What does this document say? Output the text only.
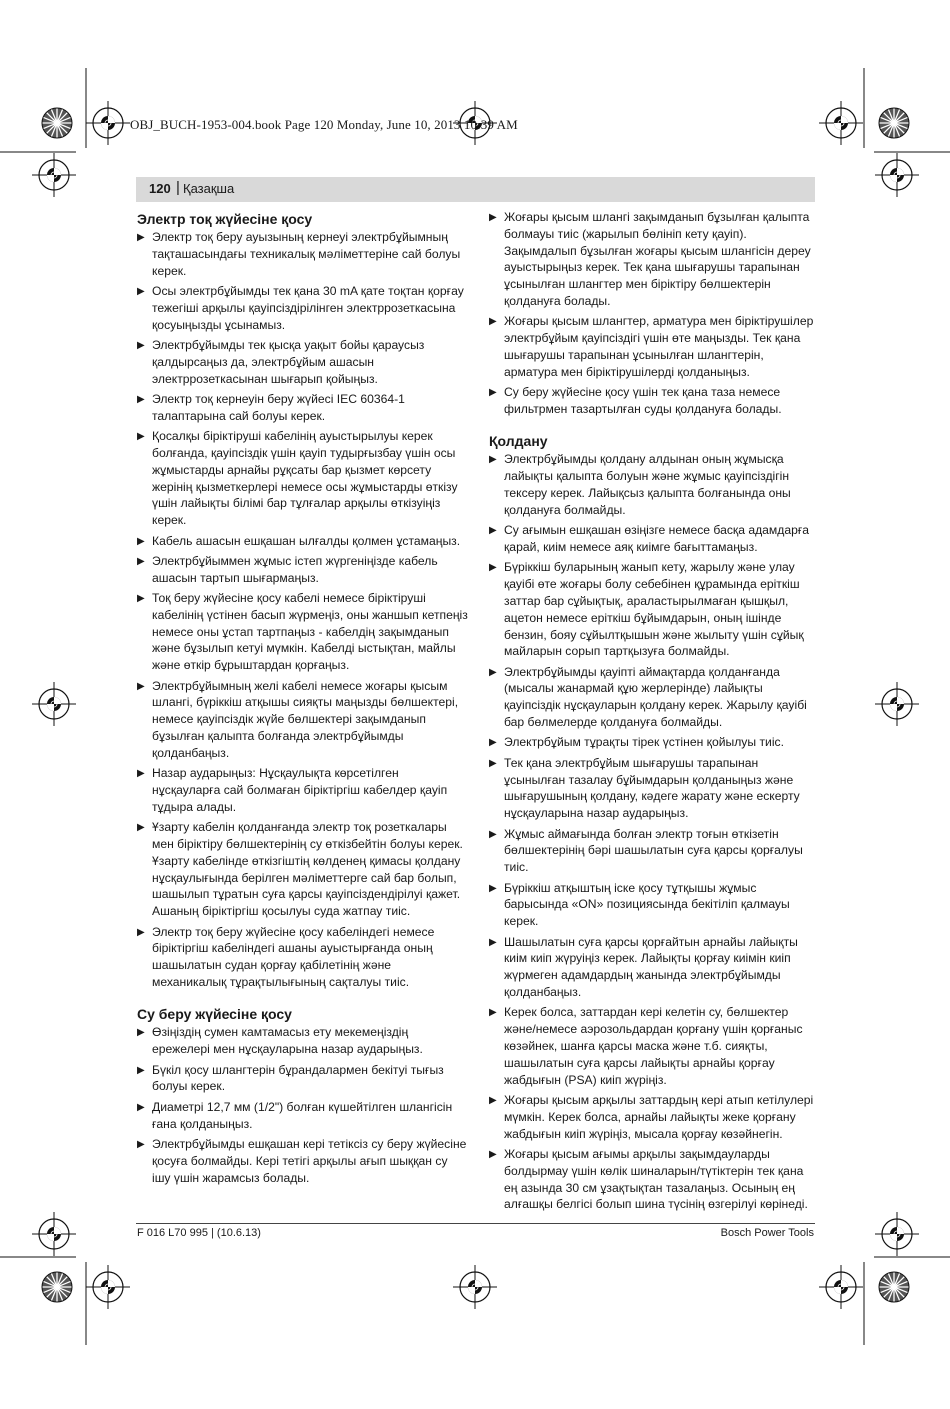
OBJ_BUCH-1953-004.book Page 120 Monday, June 10, 2013 10:39 AM
120 | Қазақша
Электр тоқ жүйесіне қосу
▶ Электр тоқ беру ауызының кернеуі электрбұйымның тақташасындағы техникалық мәліметтеріне сай болуы керек.
▶ Осы электрбұйымды тек қана 30 mA қате тоқтан қорғау тежегіші арқылы қауіпсіздірілінген электррозеткасына қосуыңызды ұсынамыз.
▶ Электрбұйымды тек қысқа уақыт бойы қараусыз қалдырсаңыз да, электрбұйым ашасын электррозеткасынан шығарып қойыңыз.
▶ Электр тоқ кернеуін беру жүйесі IEC 60364-1 талаптарына сай болуы керек.
▶ Қосалқы біріктіруші кабелінің ауыстырылуы керек болғанда, қауіпсіздік үшін қауіп тудырғызбау үшін осы жұмыстарды арнайы рұқсаты бар қызмет көрсету жерінің қызметкерлері немесе осы жұмыстарды өткізу үшін лайықты білімі бар тұлғалар арқылы өткізуіңіз керек.
▶ Кабель ашасын ешқашан ылғалды қолмен ұстамаңыз.
▶ Электрбұйыммен жұмыс істеп жүргеніңізде кабель ашасын тартып шығармаңыз.
▶ Тоқ беру жүйесіне қосу кабелі немесе біріктіруші кабелінің үстінен басып жүрмеңіз, оны жаншып кетпеңіз немесе оны ұстап тартпаңыз - кабелдің зақымданып және бұзылып кетуі мүмкін. Кабелді ыстықтан, майлы және өткір бұрыштардан қорғаңыз.
▶ Электрбұйымның желі кабелі немесе жоғары қысым шлангі, бүріккіш атқышы сияқты маңызды бөлшектері, немесе қауіпсіздік жүйе бөлшектері зақымданып бұзылған қалыпта болғанда электрбұйымды қолданбаңыз.
▶ Назар аударыңыз: Нұсқаулықта көрсетілген нұсқауларға сай болмаған біріктіргіш кабелдер қауіп тұдыра алады.
▶ Ұзарту кабелін қолданғанда электр тоқ розеткалары мен біріктіру бөлшектерінің су өткізбейтін болуы керек. Ұзарту кабелінде өткізгіштің көлденең қимасы қолдану нұсқаулығында берілген мәліметтерге сай бар болып, шашылып тұратын суға қарсы қауіпсіздендірілуі қажет. Ашаның біріктіргіш қосылуы суда жатпау тиіс.
▶ Электр тоқ беру жүйесіне қосу кабеліндегі немесе біріктіргіш кабеліндегі ашаны ауыстырғанда оның шашылатын судан қорғау қабілетінің және механикалық тұрақтылығының сақталуы тиіс.
Су беру жүйесіне қосу
▶ Өзіңіздің сумен камтамасыз ету мекемеңіздің ережелері мен нұсқауларына назар аударыңыз.
▶ Бүкіл қосу шлангтерін бұрандалармен бекітуі тығыз болуы керек.
▶ Диаметрі 12,7 мм (1/2") болған күшейтілген шлангісін ғана қолданыңыз.
▶ Электрбұйымды ешқашан кері тетіксіз су беру жүйесіне қосуға болмайды. Кері тетігі арқылы ағып шыққан су ішу үшін жарамсыз болады.
▶ Жоғары қысым шлангі зақымданып бұзылған қалыпта болмауы тиіс (жарылып бөлініп кету қауіп). Зақымдалып бұзылған жоғары қысым шлангісін дереу ауыстырыңыз керек. Тек қана шығарушы тарапынан ұсынылған шлангтер мен біріктіру бөлшектерін қолдануға болады.
▶ Жоғары қысым шлангтер, арматура мен біріктірушілер электрбұйым қауіпсіздігі үшін өте маңызды. Тек қана шығарушы тарапынан ұсынылған шлангтерін, арматура мен біріктірушілерді қолданыңыз.
▶ Су беру жүйесіне қосу үшін тек қана таза немесе фильтрмен тазартылған суды қолдануға болады.
Қолдану
▶ Электрбұйымды қолдану алдынан оның жұмысқа лайықты қалыпта болуын және жұмыс қауіпсіздігін тексеру керек. Лайықсыз қалыпта болғанында оны қолдануға болмайды.
▶ Су ағымын ешқашан өзіңізге немесе басқа адамдарға қарай, киім немесе аяқ киімге бағыттамаңыз.
▶ Бүріккіш буларының жанып кету, жарылу және улау қауібі өте жоғары болу себебінен құрамында еріткіш заттар бар сұйықтық, араластырылмаған қышқыл, ацетон немесе еріткіш бұйымдарын, оның ішінде бензин, бояу сұйылтқышын және жылыту үшін сұйық майларын сорып тартқызуға болмайды.
▶ Электрбұйымды қауіпті аймақтарда қолданғанда (мысалы жанармай құю жерлерінде) лайықты қауіпсіздік нұсқауларын қолдану керек. Жарылу қауібі бар бөлмелерде қолдануға болмайды.
▶ Электрбұйым тұрақты тірек үстінен қойылуы тиіс.
▶ Тек қана электрбұйым шығарушы тарапынан ұсынылған тазалау бұйымдарын қолданыңыз және шығарушының қолдану, кәдеге жарату және ескерту нұсқауларына назар аударыңыз.
▶ Жұмыс аймағында болған электр тоғын өткізетін бөлшектерінің бәрі шашылатын суға қарсы қорғалуы тиіс.
▶ Бүріккіш атқыштың іске қосу тұтқышы жұмыс барысында «ON» позициясында бекітіліп қалмауы керек.
▶ Шашылатын суға қарсы қорғайтын арнайы лайықты киім киіп жүруіңіз керек. Лайықты қорғау киімін киіп жүрмеген адамдардың жанында электрбұйымды қолданбаңыз.
▶ Керек болса, заттардан кері келетін су, бөлшектер және/немесе аэрозольдардан қорғану үшін қорғаныс көзәйнек, шанға қарсы маска және т.б. сияқты, шашылатын суға қарсы лайықты арнайы қорғау жабдығын (PSA) киіп жүріңіз.
▶ Жоғары қысым арқылы заттардың кері атып кетілулері мүмкін. Керек болса, арнайы лайықты жеке қорғану жабдығын киіп жүріңіз, мысала қорғау көзәйнегін.
▶ Жоғары қысым ағымы арқылы зақымдауларды болдырмау үшін көлік шиналарын/түтіктерін тек қана ең азында 30 см ұзақтықтан тазалаңыз. Осының ең алғашқы белгісі болып шина түсінің өзгерілуі көрінеді.
F 016 L70 995 | (10.6.13)	Bosch Power Tools
